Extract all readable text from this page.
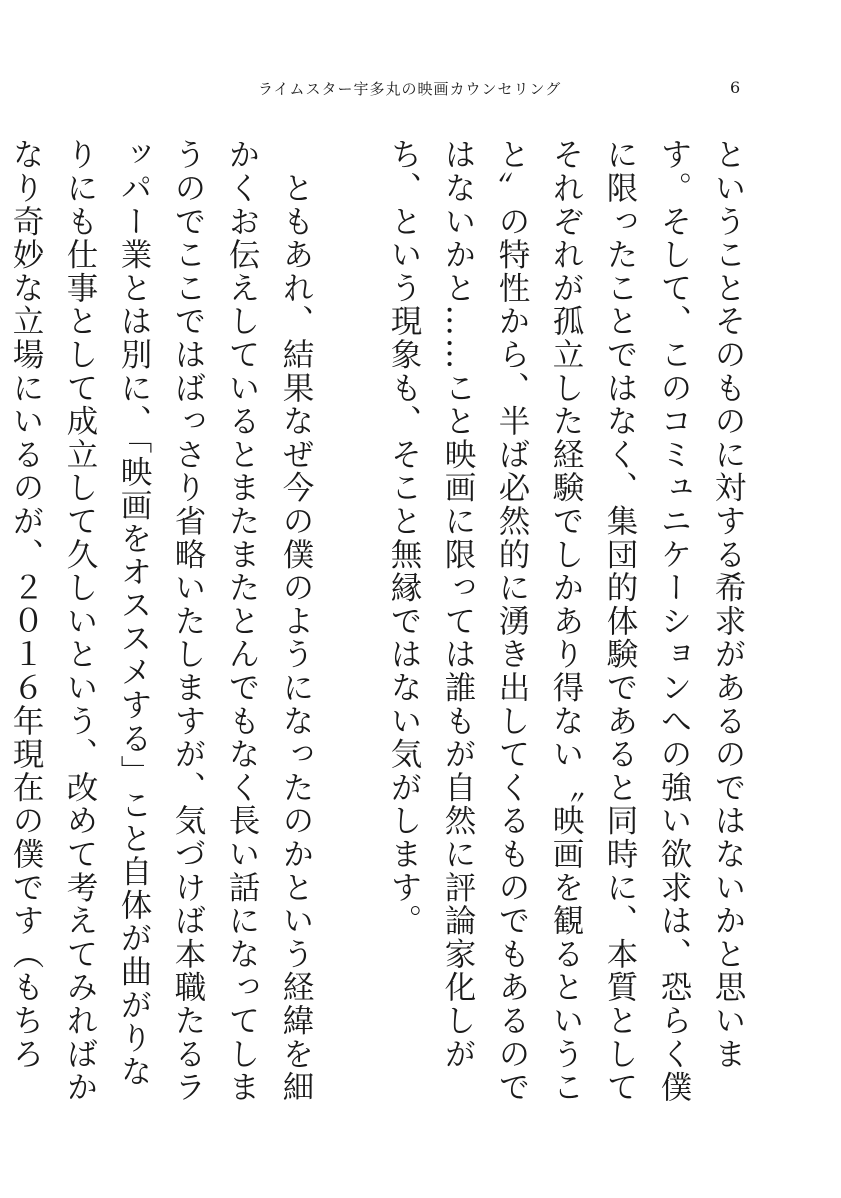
ライムスター宇多丸の映画カウンセリング	6

ということそのものに対する希求があるのではないかと思います。そして、このコミュニケーションへの強い欲求は、恐らく僕に限ったことではなく、集団的体験であると同時に、本質としてそれぞれが孤立した経験でしかあり得ない〝映画を観るということ〟の特性から、半ば必然的に湧き出してくるものでもあるのではないかと……こと映画に限っては誰もが自然に評論家化しがち、という現象も、そこと無縁ではない気がします。

　ともあれ、結果なぜ今の僕のようになったのかという経緯を細かくお伝えしているとまたまたとんでもなく長い話になってしまうのでここではばっさり省略いたしますが、気づけば本職たるラッパー業とは別に、「映画をオススメする」こと自体が曲がりなりにも仕事として成立して久しいという、改めて考えてみればかなり奇妙な立場にいるのが、２０１６年現在の僕です（もちろ
